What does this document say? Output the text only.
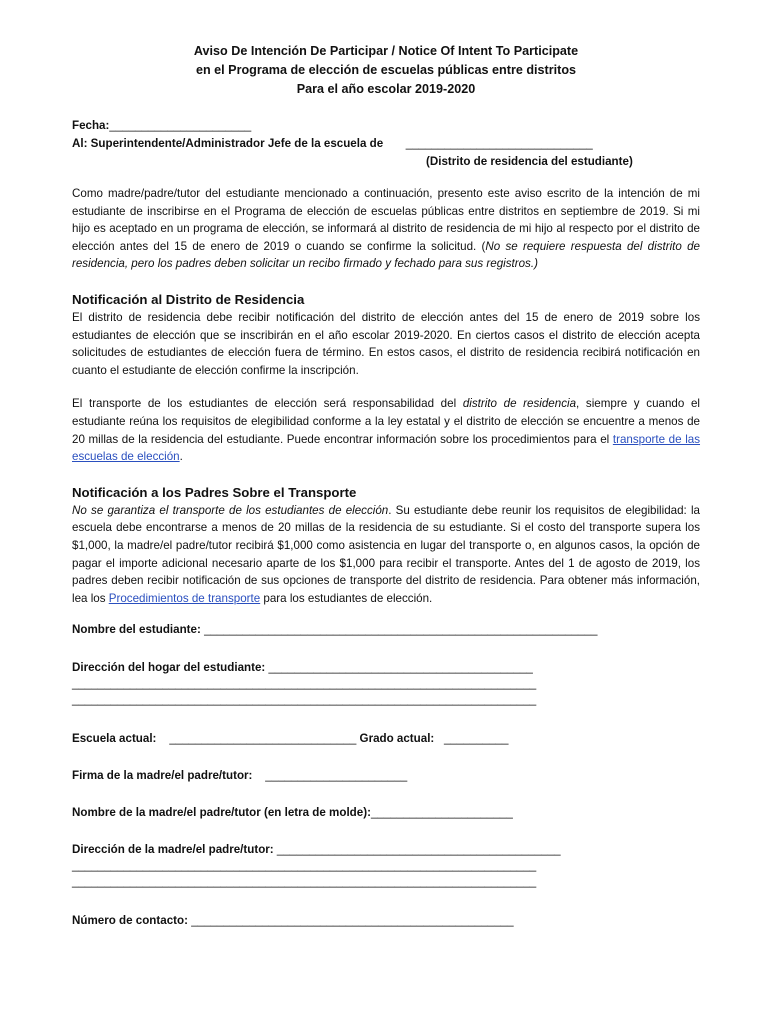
Aviso De Intención De Participar / Notice Of Intent To Participate
en el Programa de elección de escuelas públicas entre distritos
Para el año escolar 2019-2020
Fecha:______________________
Al: Superintendente/Administrador Jefe de la escuela de _____________________________
(Distrito de residencia del estudiante)

Como madre/padre/tutor del estudiante mencionado a continuación, presento este aviso escrito de la intención de mi estudiante de inscribirse en el Programa de elección de escuelas públicas entre distritos en septiembre de 2019. Si mi hijo es aceptado en un programa de elección, se informará al distrito de residencia de mi hijo al respecto por el distrito de elección antes del 15 de enero de 2019 o cuando se confirme la solicitud. (No se requiere respuesta del distrito de residencia, pero los padres deben solicitar un recibo firmado y fechado para sus registros.)

Notificación al Distrito de Residencia

El distrito de residencia debe recibir notificación del distrito de elección antes del 15 de enero de 2019 sobre los estudiantes de elección que se inscribirán en el año escolar 2019-2020. En ciertos casos el distrito de elección acepta solicitudes de estudiantes de elección fuera de término. En estos casos, el distrito de residencia recibirá notificación en cuanto el estudiante de elección confirme la inscripción.

El transporte de los estudiantes de elección será responsabilidad del distrito de residencia, siempre y cuando el estudiante reúna los requisitos de elegibilidad conforme a la ley estatal y el distrito de elección se encuentre a menos de 20 millas de la residencia del estudiante. Puede encontrar información sobre los procedimientos para el transporte de las escuelas de elección.

Notificación a los Padres Sobre el Transporte

No se garantiza el transporte de los estudiantes de elección. Su estudiante debe reunir los requisitos de elegibilidad: la escuela debe encontrarse a menos de 20 millas de la residencia de su estudiante. Si el costo del transporte supera los $1,000, la madre/el padre/tutor recibirá $1,000 como asistencia en lugar del transporte o, en algunos casos, la opción de pagar el importe adicional necesario aparte de los $1,000 para recibir el transporte. Antes del 1 de agosto de 2019, los padres deben recibir notificación de sus opciones de transporte del distrito de residencia. Para obtener más información, lea los Procedimientos de transporte para los estudiantes de elección.

Nombre del estudiante: _____________________________________________________________
Dirección del hogar del estudiante: _________________________________________
________________________________________________________________________
________________________________________________________________________
Escuela actual: _____________________________ Grado actual: __________
Firma de la madre/el padre/tutor: ______________________
Nombre de la madre/el padre/tutor (en letra de molde):______________________
Dirección de la madre/el padre/tutor: ____________________________________________
________________________________________________________________________
________________________________________________________________________
Número de contacto: __________________________________________________
